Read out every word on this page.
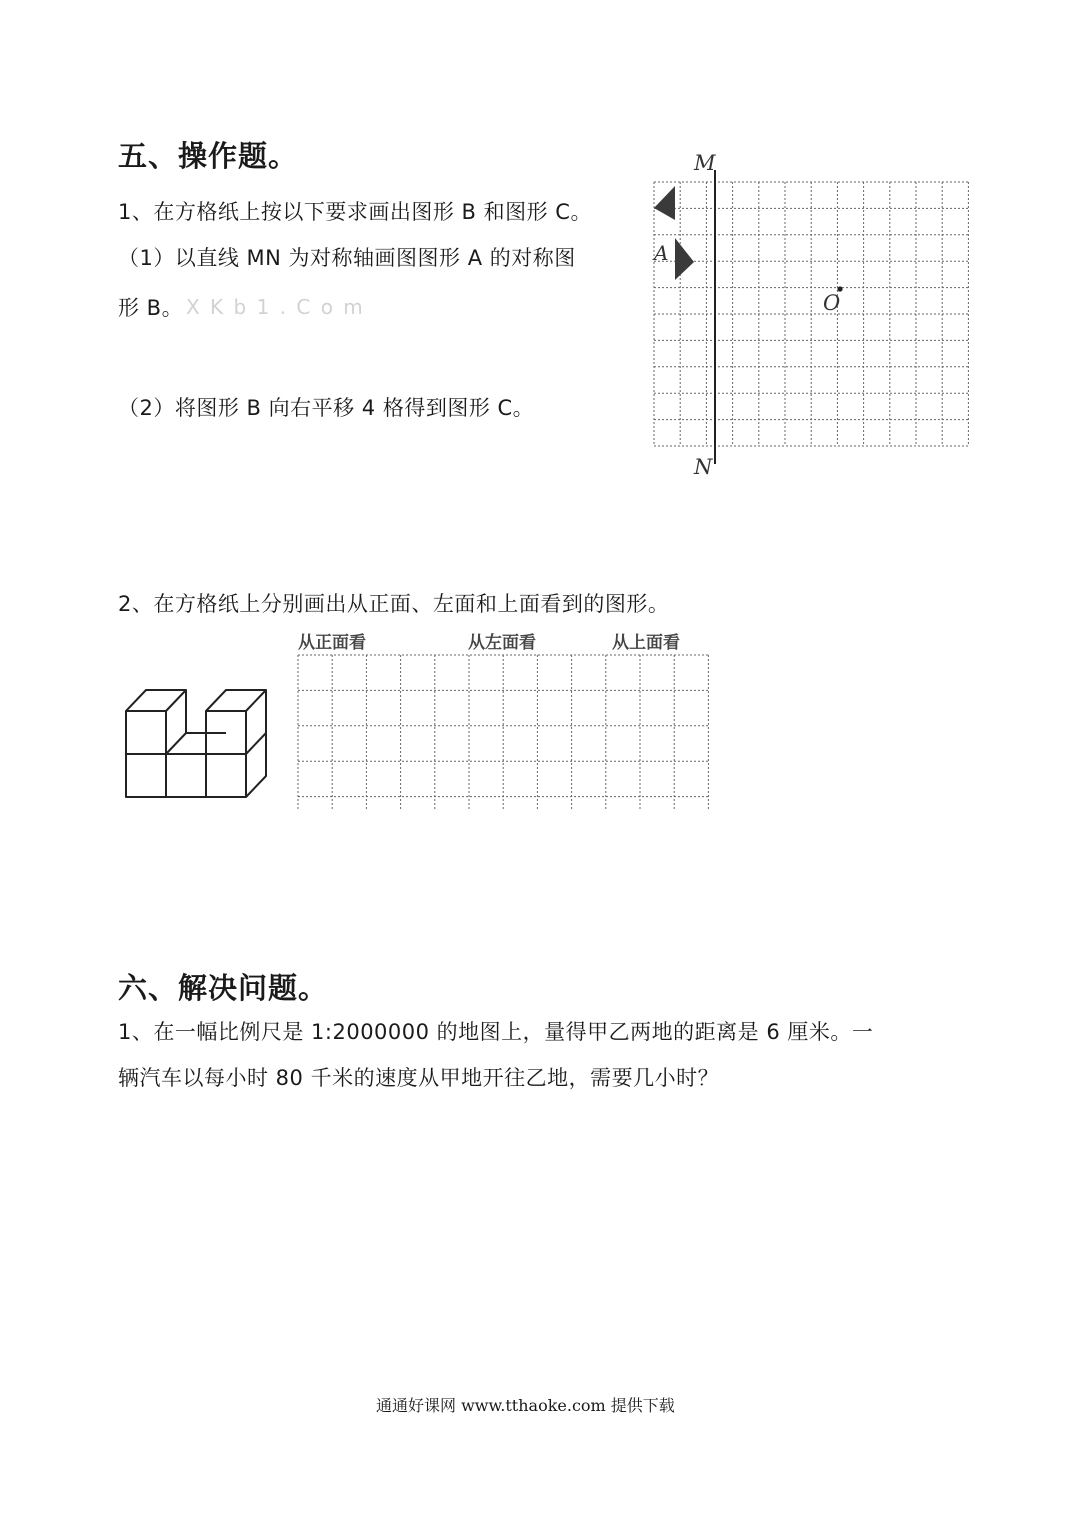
五、操作题。
1、在方格纸上按以下要求画出图形 B 和图形 C。
（1）以直线 MN 为对称轴画图图形 A 的对称图
形 B。 X K b 1 . C o m
（2）将图形 B 向右平移 4 格得到图形 C。
M
N
A
O
2、在方格纸上分别画出从正面、左面和上面看到的图形。
从正面看	从左面看	从上面看
六、解决问题。
1、在一幅比例尺是 1:2000000 的地图上，量得甲乙两地的距离是 6 厘米。一
辆汽车以每小时 80 千米的速度从甲地开往乙地，需要几小时？
通通好课网 www.tthaoke.com 提供下载
